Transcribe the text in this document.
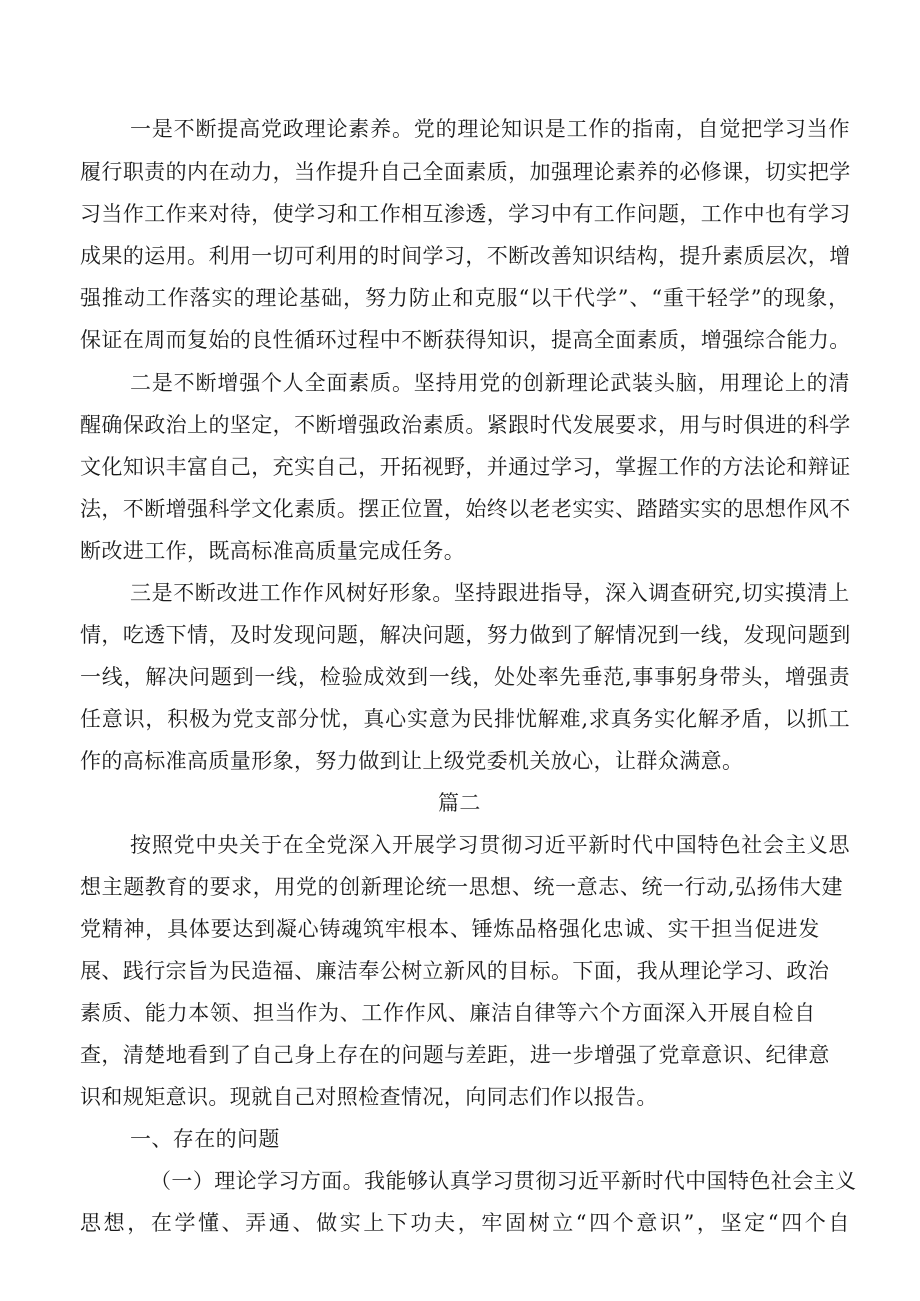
一 是 不 断 提 高 党 政 理 论 素 养 。 党 的 理 论 知 识 是 工 作 的 指 南 ， 自 觉 把 学 习 当 作
履 行 职 责 的 内 在 动 力 ， 当 作 提 升 自 己 全 面 素 质 ， 加 强 理 论 素 养 的 必 修 课 ， 切 实 把 学
习 当 作 工 作 来 对 待 ， 使 学 习 和 工 作 相 互 渗 透 ， 学 习 中 有 工 作 问 题 ， 工 作 中 也 有 学 习
成 果 的 运 用 。 利 用 一 切 可 利 用 的 时 间 学 习 ， 不 断 改 善 知 识 结 构 ， 提 升 素 质 层 次 ， 增
强 推 动 工 作 落 实 的 理 论 基 础 ， 努 力 防 止 和 克 服 “ 以 干 代 学 ” 、 “ 重 干 轻 学 ” 的 现 象 ，
保 证 在 周 而 复 始 的 良 性 循 环 过 程 中 不 断 获 得 知 识 ， 提 高 全 面 素 质 ， 增 强 综 合 能 力 。
二 是 不 断 增 强 个 人 全 面 素 质 。 坚 持 用 党 的 创 新 理 论 武 装 头 脑 ， 用 理 论 上 的 清
醒 确 保 政 治 上 的 坚 定 ， 不 断 增 强 政 治 素 质 。 紧 跟 时 代 发 展 要 求 ， 用 与 时 俱 进 的 科 学
文 化 知 识 丰 富 自 己 ， 充 实 自 己 ， 开 拓 视 野 ， 并 通 过 学 习 ， 掌 握 工 作 的 方 法 论 和 辩 证
法 ， 不 断 增 强 科 学 文 化 素 质 。 摆 正 位 置 ， 始 终 以 老 老 实 实 、 踏 踏 实 实 的 思 想 作 风 不
断改进工作，既高标准高质量完成任务。
三 是 不 断 改 进 工 作 作 风 树 好 形 象 。 坚 持 跟 进 指 导 ， 深 入 调 查 研 究 , 切 实 摸 清 上
情 ， 吃 透 下 情 ， 及 时 发 现 问 题 ， 解 决 问 题 ， 努 力 做 到 了 解 情 况 到 一 线 ， 发 现 问 题 到
一 线 ， 解 决 问 题 到 一 线 ， 检 验 成 效 到 一 线 ， 处 处 率 先 垂 范 , 事 事 躬 身 带 头 ， 增 强 责
任 意 识 ， 积 极 为 党 支 部 分 忧 ， 真 心 实 意 为 民 排 忧 解 难 , 求 真 务 实 化 解 矛 盾 ， 以 抓 工
作的高标准高质量形象，努力做到让上级党委机关放心，让群众满意。
篇二
按 照 党 中 央 关 于 在 全 党 深 入 开 展 学 习 贯 彻 习 近 平 新 时 代 中 国 特 色 社 会 主 义 思
想 主 题 教 育 的 要 求 ， 用 党 的 创 新 理 论 统 一 思 想 、 统 一 意 志 、 统 一 行 动 , 弘 扬 伟 大 建
党 精 神 ， 具 体 要 达 到 凝 心 铸 魂 筑 牢 根 本 、 锤 炼 品 格 强 化 忠 诚 、 实 干 担 当 促 进 发
展 、 践 行 宗 旨 为 民 造 福 、 廉 洁 奉 公 树 立 新 风 的 目 标 。 下 面 ， 我 从 理 论 学 习 、 政 治
素 质 、 能 力 本 领 、 担 当 作 为 、 工 作 作 风 、 廉 洁 自 律 等 六 个 方 面 深 入 开 展 自 检 自
查 ， 清 楚 地 看 到 了 自 己 身 上 存 在 的 问 题 与 差 距 ， 进 一 步 增 强 了 党 章 意 识 、 纪 律 意
识和规矩意识。现就自己对照检查情况，向同志们作以报告。
一、存在的问题
（ 一 ） 理 论 学 习 方 面 。 我 能 够 认 真 学 习 贯 彻 习 近 平 新 时 代 中 国 特 色 社 会 主 义
思 想 ， 在 学 懂 、 弄 通 、 做 实 上 下 功 夫 ， 牢 固 树 立 “ 四 个 意 识 ” ， 坚 定 “ 四 个 自
